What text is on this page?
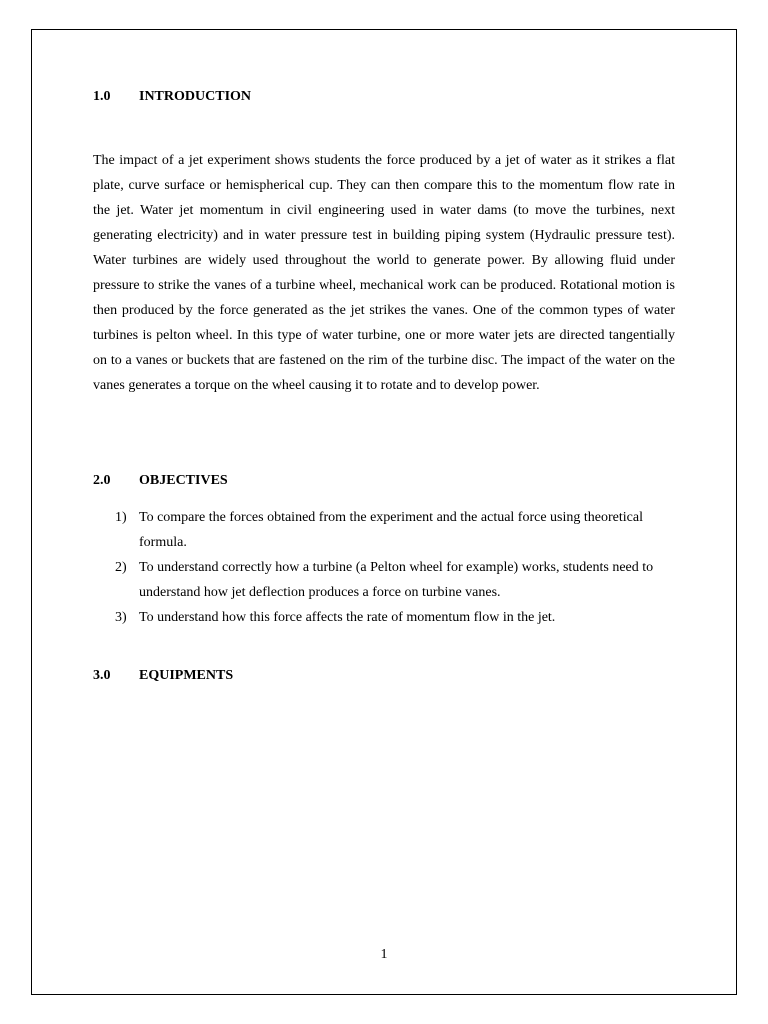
1.0 INTRODUCTION

The impact of a jet experiment shows students the force produced by a jet of water as it strikes a flat plate, curve surface or hemispherical cup. They can then compare this to the momentum flow rate in the jet. Water jet momentum in civil engineering used in water dams (to move the turbines, next generating electricity) and in water pressure test in building piping system (Hydraulic pressure test). Water turbines are widely used throughout the world to generate power. By allowing fluid under pressure to strike the vanes of a turbine wheel, mechanical work can be produced. Rotational motion is then produced by the force generated as the jet strikes the vanes. One of the common types of water turbines is pelton wheel. In this type of water turbine, one or more water jets are directed tangentially on to a vanes or buckets that are fastened on the rim of the turbine disc. The impact of the water on the vanes generates a torque on the wheel causing it to rotate and to develop power.

2.0 OBJECTIVES
1) To compare the forces obtained from the experiment and the actual force using theoretical formula.
2) To understand correctly how a turbine (a Pelton wheel for example) works, students need to understand how jet deflection produces a force on turbine vanes.
3) To understand how this force affects the rate of momentum flow in the jet.
3.0 EQUIPMENTS
1
